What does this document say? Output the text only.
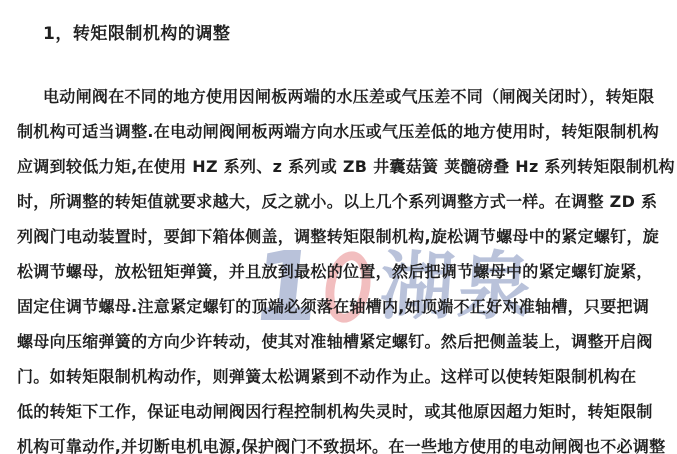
1 湖泉
1，转矩限制机构的调整
电动闸阀在不同的地方使用因闸板两端的水压差或气压差不同（闸阀关闭时），转矩限
制机构可适当调整.在电动闸阀闸板两端方向水压或气压差低的地方使用时，转矩限制机构
应调到较低力矩,在使用 HZ 系列、z 系列或 ZB 井囊菇簧 荚髓磅叠 Hz 系列转矩限制机构
时，所调整的转矩值就要求越大，反之就小。以上几个系列调整方式一样。在调整 ZD 系
列阀门电动装置时，要卸下箱体侧盖，调整转矩限制机构,旋松调节螺母中的紧定螺钉，旋
松调节螺母，放松钮矩弹簧，并且放到最松的位置，然后把调节螺母中的紧定螺钉旋紧，
固定住调节螺母.注意紧定螺钉的顶端必须落在轴槽内,如顶端不正好对准轴槽，只要把调
螺母向压缩弹簧的方向少许转动，使其对准轴槽紧定螺钉。然后把侧盖装上，调整开启阀
门。如转矩限制机构动作，则弹簧太松调紧到不动作为止。这样可以使转矩限制机构在
低的转矩下工作，保证电动闸阀因行程控制机构失灵时，或其他原因超力矩时，转矩限制
机构可靠动作,并切断电机电源,保护阀门不致损坏。在一些地方使用的电动闸阀也不必调整
